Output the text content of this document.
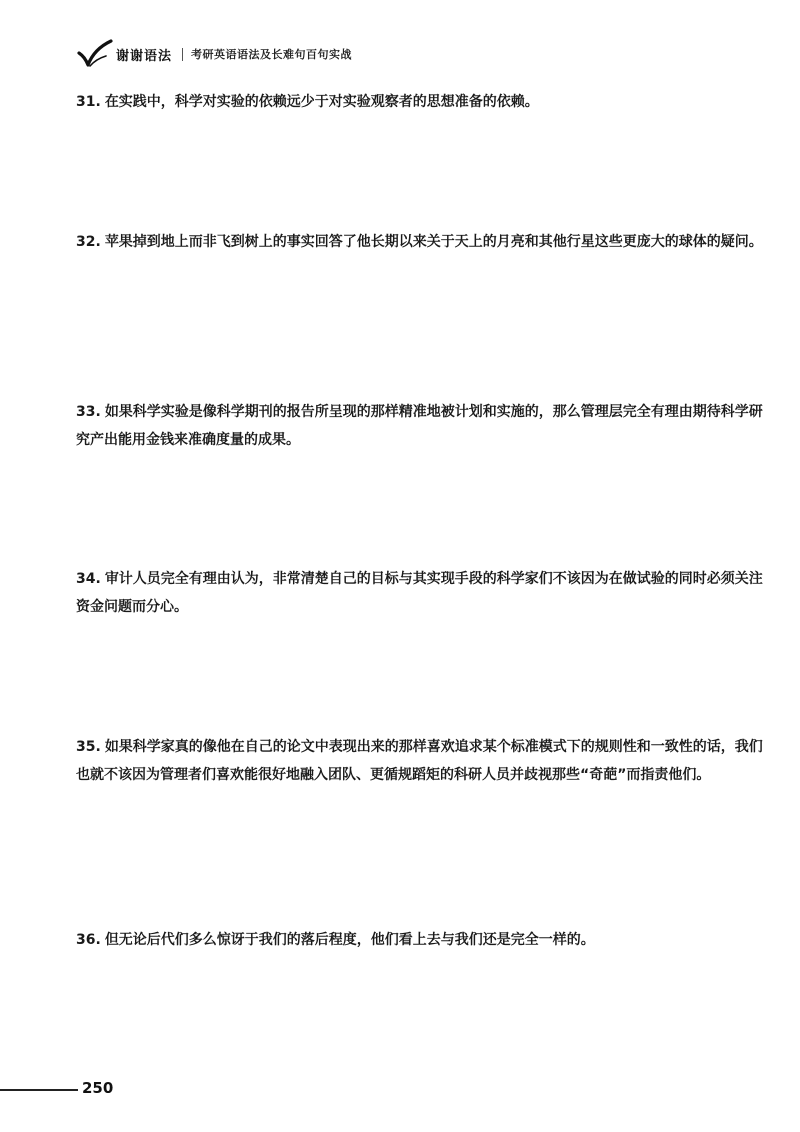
谢谢语法 考研英语语法及长难句百句实战
31. 在实践中，科学对实验的依赖远少于对实验观察者的思想准备的依赖。
32. 苹果掉到地上而非飞到树上的事实回答了他长期以来关于天上的月亮和其他行星这些更庞大的球体的疑问。
33. 如果科学实验是像科学期刊的报告所呈现的那样精准地被计划和实施的，那么管理层完全有理由期待科学研究产出能用金钱来准确度量的成果。
34. 审计人员完全有理由认为，非常清楚自己的目标与其实现手段的科学家们不该因为在做试验的同时必须关注资金问题而分心。
35. 如果科学家真的像他在自己的论文中表现出来的那样喜欢追求某个标准模式下的规则性和一致性的话，我们也就不该因为管理者们喜欢能很好地融入团队、更循规蹈矩的科研人员并歧视那些“奇葩”而指责他们。
36. 但无论后代们多么惊讶于我们的落后程度，他们看上去与我们还是完全一样的。
250
